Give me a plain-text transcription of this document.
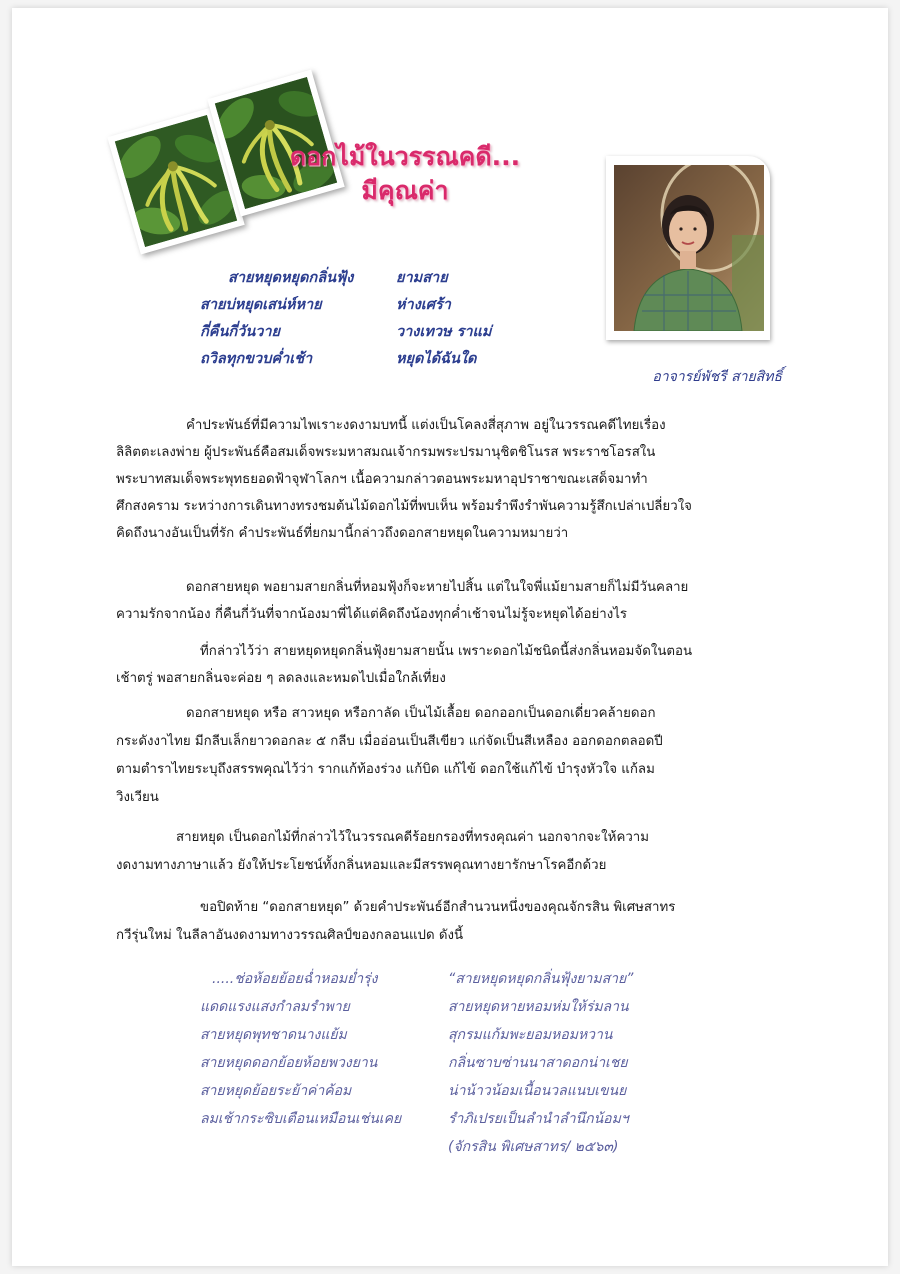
ดอกไม้ในวรรณคดี...
มีคุณค่า
อาจารย์พัชรี สายสิทธิ์
สายหยุดหยุดกลิ่นฟุ้ง	ยามสาย
สายบ่หยุดเสน่ห์หาย	ห่างเศร้า
กี่คืนกี่วันวาย	วางเทวษ ราแม่
ถวิลทุกขวบค่ำเช้า	หยุดได้ฉันใด
คำประพันธ์ที่มีความไพเราะงดงามบทนี้ แต่งเป็นโคลงสี่สุภาพ อยู่ในวรรณคดีไทยเรื่อง
ลิลิตตะเลงพ่าย ผู้ประพันธ์คือสมเด็จพระมหาสมณเจ้ากรมพระปรมานุชิตชิโนรส พระราชโอรสใน
พระบาทสมเด็จพระพุทธยอดฟ้าจุฬาโลกฯ เนื้อความกล่าวตอนพระมหาอุปราชาขณะเสด็จมาทำ
ศึกสงคราม ระหว่างการเดินทางทรงชมต้นไม้ดอกไม้ที่พบเห็น พร้อมรำพึงรำพันความรู้สึกเปล่าเปลี่ยวใจ
คิดถึงนางอันเป็นที่รัก คำประพันธ์ที่ยกมานี้กล่าวถึงดอกสายหยุดในความหมายว่า
ดอกสายหยุด พอยามสายกลิ่นที่หอมฟุ้งก็จะหายไปสิ้น แต่ในใจพี่แม้ยามสายก็ไม่มีวันคลาย
ความรักจากน้อง กี่คืนกี่วันที่จากน้องมาพี่ได้แต่คิดถึงน้องทุกค่ำเช้าจนไม่รู้จะหยุดได้อย่างไร
ที่กล่าวไว้ว่า สายหยุดหยุดกลิ่นฟุ้งยามสายนั้น เพราะดอกไม้ชนิดนี้ส่งกลิ่นหอมจัดในตอน
เช้าตรู่ พอสายกลิ่นจะค่อย ๆ ลดลงและหมดไปเมื่อใกล้เที่ยง
ดอกสายหยุด หรือ สาวหยุด หรือกาลัด เป็นไม้เลื้อย ดอกออกเป็นดอกเดี่ยวคล้ายดอก
กระดังงาไทย มีกลีบเล็กยาวดอกละ ๕ กลีบ เมื่ออ่อนเป็นสีเขียว แก่จัดเป็นสีเหลือง ออกดอกตลอดปี
ตามตำราไทยระบุถึงสรรพคุณไว้ว่า รากแก้ท้องร่วง แก้บิด แก้ไข้ ดอกใช้แก้ไข้ บำรุงหัวใจ แก้ลม
วิงเวียน
สายหยุด เป็นดอกไม้ที่กล่าวไว้ในวรรณคดีร้อยกรองที่ทรงคุณค่า นอกจากจะให้ความ
งดงามทางภาษาแล้ว ยังให้ประโยชน์ทั้งกลิ่นหอมและมีสรรพคุณทางยารักษาโรคอีกด้วย
ขอปิดท้าย “ดอกสายหยุด” ด้วยคำประพันธ์อีกสำนวนหนึ่งของคุณจักรสิน พิเศษสาทร
กวีรุ่นใหม่ ในลีลาอันงดงามทางวรรณศิลป์ของกลอนแปด ดังนี้
.....ช่อห้อยย้อยฉ่ำหอมย่ำรุ่ง
แดดแรงแสงกำลมรำพาย
สายหยุดพุทชาดนางแย้ม
สายหยุดดอกย้อยห้อยพวงยาน
สายหยุดย้อยระย้าค่าค้อม
ลมเช้ากระซิบเตือนเหมือนเช่นเคย
“สายหยุดหยุดกลิ่นฟุ้งยามสาย”
สายหยุดหายหอมห่มให้ร่มลาน
สุกรมแก้มพะยอมหอมหวาน
กลิ่นซาบซ่านนาสาดอกน่าเชย
น่าน้าวน้อมเนื้อนวลแนบเขนย
รำภิเปรยเป็นลำนำลำนึกน้อมฯ
(จักรสิน พิเศษสาทร/ ๒๕๖๓)
